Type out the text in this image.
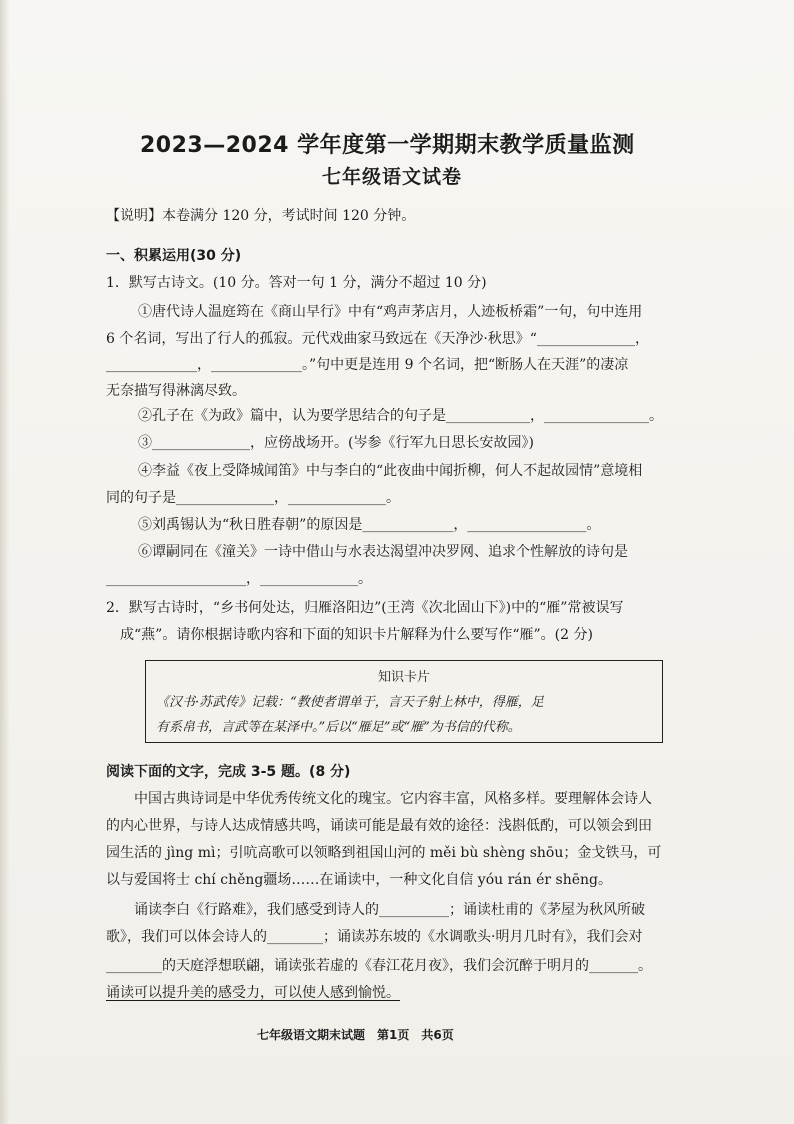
2023—2024 学年度第一学期期末教学质量监测
七年级语文试卷
【说明】本卷满分 120 分，考试时间 120 分钟。
一、积累运用(30 分)
1．默写古诗文。(10 分。答对一句 1 分，满分不超过 10 分)
①唐代诗人温庭筠在《商山早行》中有“鸡声茅店月，人迹板桥霜”一句，句中连用
6 个名词，写出了行人的孤寂。元代戏曲家马致远在《天净沙·秋思》“______________，
_____________，_____________。”句中更是连用 9 个名词，把“断肠人在天涯”的凄凉
无奈描写得淋漓尽致。
②孔子在《为政》篇中，认为要学思结合的句子是____________，_______________。
③______________，应傍战场开。(岑参《行军九日思长安故园》)
④李益《夜上受降城闻笛》中与李白的“此夜曲中闻折柳，何人不起故园情”意境相
同的句子是______________，______________。
⑤刘禹锡认为“秋日胜春朝”的原因是_____________，_________________。
⑥谭嗣同在《潼关》一诗中借山与水表达渴望冲决罗网、追求个性解放的诗句是
____________________，______________。
2．默写古诗时，“乡书何处达，归雁洛阳边”(王湾《次北固山下》)中的“雁”常被误写
成“燕”。请你根据诗歌内容和下面的知识卡片解释为什么要写作“雁”。(2 分)
知识卡片
《汉书·苏武传》记载：“教使者谓单于，言天子射上林中，得雁，足
有系帛书，言武等在某泽中。”后以“雁足”或“雁”为书信的代称。
阅读下面的文字，完成 3-5 题。(8 分)
中国古典诗词是中华优秀传统文化的瑰宝。它内容丰富，风格多样。要理解体会诗人
的内心世界，与诗人达成情感共鸣，诵读可能是最有效的途径：浅斟低酌，可以领会到田
园生活的 jìng mì；引吭高歌可以领略到祖国山河的 měi bù shèng shōu；金戈铁马，可
以与爱国将士 chí chěng疆场……在诵读中，一种文化自信 yóu rán ér shēng。
诵读李白《行路难》，我们感受到诗人的__________；诵读杜甫的《茅屋为秋风所破
歌》，我们可以体会诗人的________；诵读苏东坡的《水调歌头·明月几时有》，我们会对
________的天庭浮想联翩，诵读张若虚的《春江花月夜》，我们会沉醉于明月的_______。
诵读可以提升美的感受力，可以使人感到愉悦。
七年级语文期末试题　第1页　共6页
